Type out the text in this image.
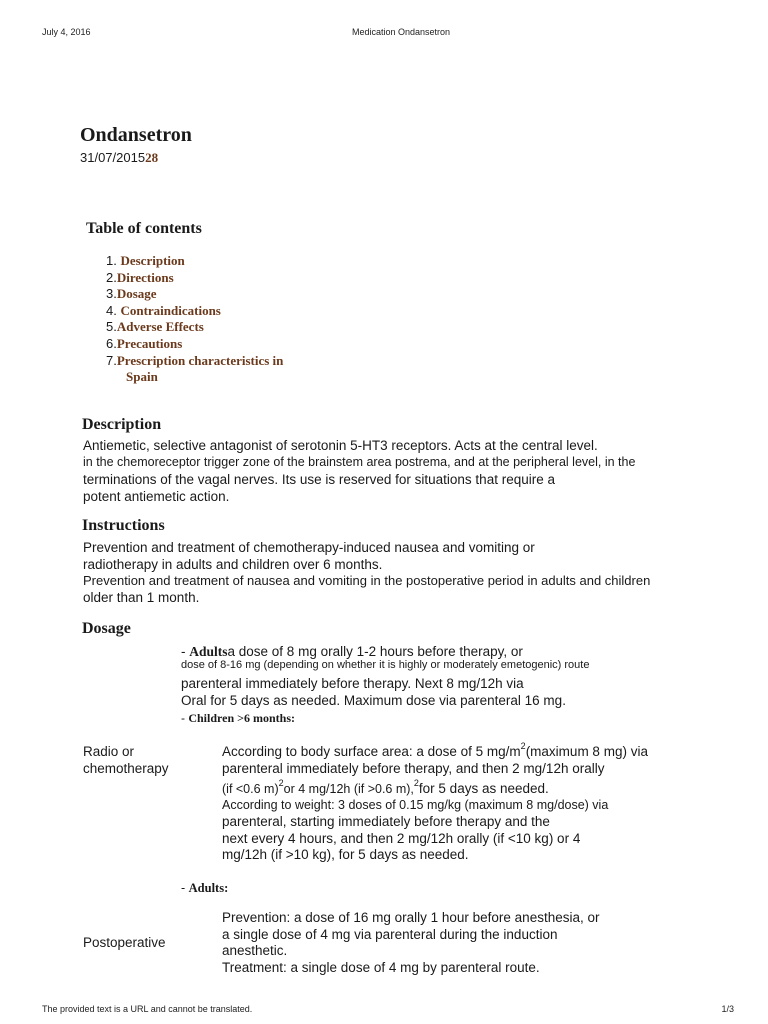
July 4, 2016	Medication Ondansetron
Ondansetron
31/07/201528
Table of contents
1. Description
2.Directions
3.Dosage
4. Contraindications
5.Adverse Effects
6.Precautions
7.Prescription characteristics in
Spain
Description
Antiemetic, selective antagonist of serotonin 5-HT3 receptors. Acts at the central level.
in the chemoreceptor trigger zone of the brainstem area postrema, and at the peripheral level, in the
terminations of the vagal nerves. Its use is reserved for situations that require a
potent antiemetic action.
Instructions
Prevention and treatment of chemotherapy-induced nausea and vomiting or
radiotherapy in adults and children over 6 months.
Prevention and treatment of nausea and vomiting in the postoperative period in adults and children
older than 1 month.
Dosage
- Adultsa dose of 8 mg orally 1-2 hours before therapy, or
dose of 8-16 mg (depending on whether it is highly or moderately emetogenic) route
parenteral immediately before therapy. Next 8 mg/12h via
Oral for 5 days as needed. Maximum dose via parenteral 16 mg.
- Children >6 months:
Radio or
chemotherapy
According to body surface area: a dose of 5 $mg/m^2(maximum$ 8 mg) via
parenteral immediately before therapy, and then 2 mg/12h orally
(if <0.6 m)$^2$or 4 mg/12h (if >0.6 m),$^2$for 5 days as needed.
According to weight: 3 doses of 0.15 mg/kg (maximum 8 mg/dose) via
parenteral, starting immediately before therapy and the
next every 4 hours, and then 2 mg/12h orally (if <10 kg) or 4
mg/12h (if >10 kg), for 5 days as needed.
- Adults:
Postoperative
Prevention: a dose of 16 mg orally 1 hour before anesthesia, or
a single dose of 4 mg via parenteral during the induction
anesthetic.
Treatment: a single dose of 4 mg by parenteral route.
The provided text is a URL and cannot be translated.	1/3
